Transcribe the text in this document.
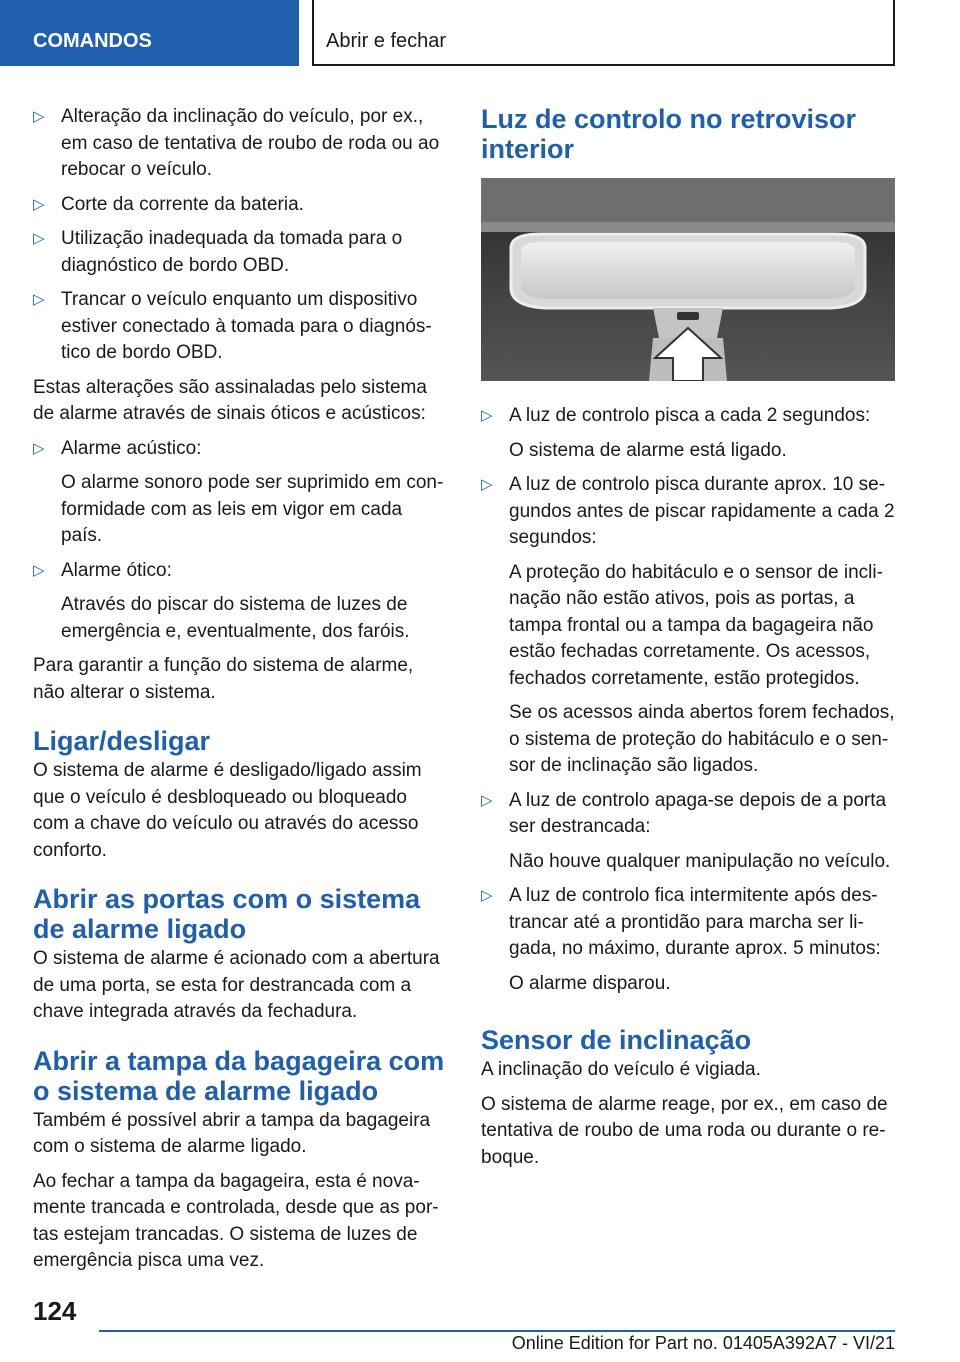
COMANDOS	Abrir e fechar
▷ Alteração da inclinação do veículo, por ex., em caso de tentativa de roubo de roda ou ao rebocar o veículo.
▷ Corte da corrente da bateria.
▷ Utilização inadequada da tomada para o diagnóstico de bordo OBD.
▷ Trancar o veículo enquanto um dispositivo estiver conectado à tomada para o diagnóstico de bordo OBD.

Estas alterações são assinaladas pelo sistema de alarme através de sinais óticos e acústicos:

▷ Alarme acústico:
O alarme sonoro pode ser suprimido em conformidade com as leis em vigor em cada país.
▷ Alarme ótico:
Através do piscar do sistema de luzes de emergência e, eventualmente, dos faróis.

Para garantir a função do sistema de alarme, não alterar o sistema.

Ligar/desligar

O sistema de alarme é desligado/ligado assim que o veículo é desbloqueado ou bloqueado com a chave do veículo ou através do acesso conforto.

Abrir as portas com o sistema de alarme ligado

O sistema de alarme é acionado com a abertura de uma porta, se esta for destrancada com a chave integrada através da fechadura.

Abrir a tampa da bagageira com o sistema de alarme ligado

Também é possível abrir a tampa da bagageira com o sistema de alarme ligado.

Ao fechar a tampa da bagageira, esta é novamente trancada e controlada, desde que as portas estejam trancadas. O sistema de luzes de emergência pisca uma vez.

Luz de controlo no retrovisor interior
▷ A luz de controlo pisca a cada 2 segundos:
O sistema de alarme está ligado.
▷ A luz de controlo pisca durante aprox. 10 segundos antes de piscar rapidamente a cada 2 segundos:
A proteção do habitáculo e o sensor de inclinação não estão ativos, pois as portas, a tampa frontal ou a tampa da bagageira não estão fechadas corretamente. Os acessos, fechados corretamente, estão protegidos.
Se os acessos ainda abertos forem fechados, o sistema de proteção do habitáculo e o sensor de inclinação são ligados.
▷ A luz de controlo apaga-se depois de a porta ser destrancada:
Não houve qualquer manipulação no veículo.
▷ A luz de controlo fica intermitente após destrancar até a prontidão para marcha ser ligada, no máximo, durante aprox. 5 minutos:
O alarme disparou.
Sensor de inclinação

A inclinação do veículo é vigiada.

O sistema de alarme reage, por ex., em caso de tentativa de roubo de uma roda ou durante o reboque.

124
Online Edition for Part no. 01405A392A7 - VI/21
